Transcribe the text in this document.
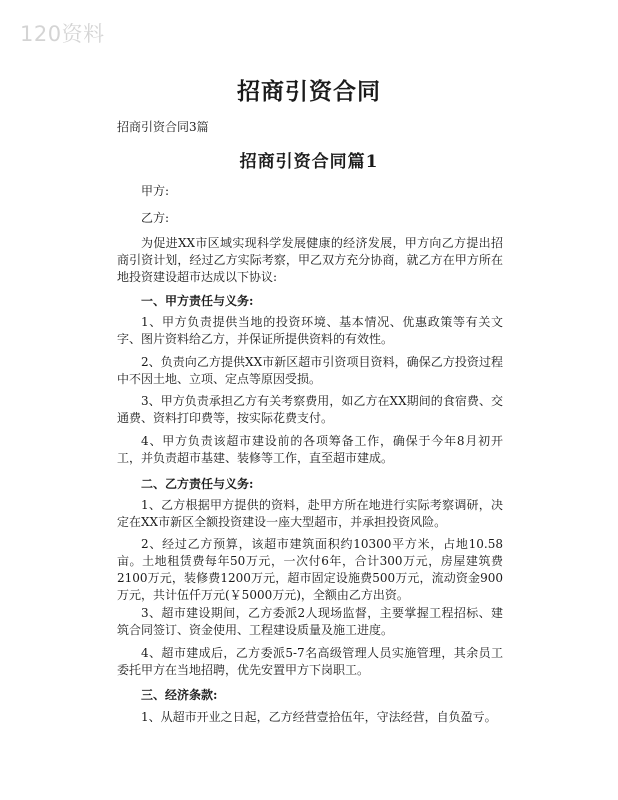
120资料
招商引资合同
招商引资合同3篇
招商引资合同篇1
甲方:
乙方:
为促进XX市区域实现科学发展健康的经济发展，甲方向乙方提出招商引资计划，经过乙方实际考察，甲乙双方充分协商，就乙方在甲方所在地投资建设超市达成以下协议:
一、甲方责任与义务:
1、甲方负责提供当地的投资环境、基本情况、优惠政策等有关文字、图片资料给乙方，并保证所提供资料的有效性。
2、负责向乙方提供XX市新区超市引资项目资料，确保乙方投资过程中不因土地、立项、定点等原因受损。
3、甲方负责承担乙方有关考察费用，如乙方在XX期间的食宿费、交通费、资料打印费等，按实际花费支付。
4、甲方负责该超市建设前的各项筹备工作，确保于今年8月初开工，并负责超市基建、装修等工作，直至超市建成。
二、乙方责任与义务:
1、乙方根据甲方提供的资料，赴甲方所在地进行实际考察调研，决定在XX市新区全额投资建设一座大型超市，并承担投资风险。
2、经过乙方预算，该超市建筑面积约10300平方米，占地10.58亩。土地租赁费每年50万元，一次付6年，合计300万元，房屋建筑费2100万元，装修费1200万元，超市固定设施费500万元，流动资金900万元，共计伍仟万元(￥5000万元)，全额由乙方出资。
3、超市建设期间，乙方委派2人现场监督，主要掌握工程招标、建筑合同签订、资金使用、工程建设质量及施工进度。
4、超市建成后，乙方委派5-7名高级管理人员实施管理，其余员工委托甲方在当地招聘，优先安置甲方下岗职工。
三、经济条款:
1、从超市开业之日起，乙方经营壹拾伍年，守法经营，自负盈亏。
